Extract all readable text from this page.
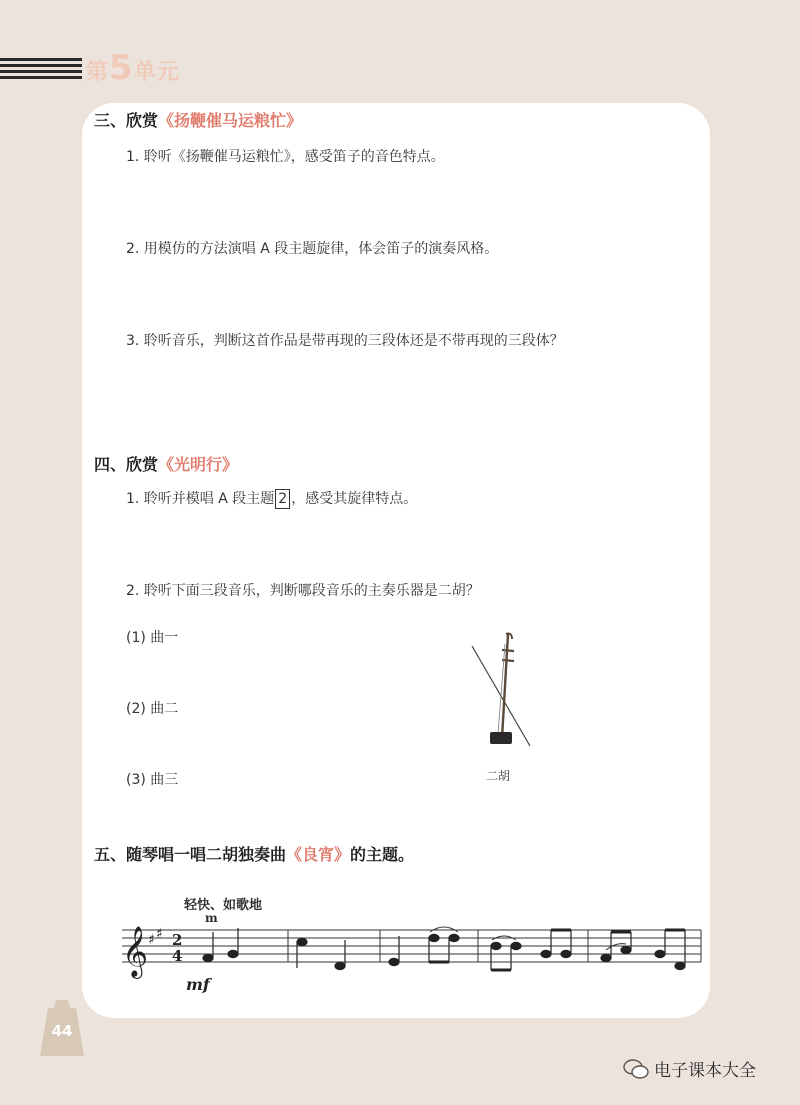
第5单元
三、欣赏《扬鞭催马运粮忙》
1. 聆听《扬鞭催马运粮忙》，感受笛子的音色特点。
2. 用模仿的方法演唱 A 段主题旋律，体会笛子的演奏风格。
3. 聆听音乐，判断这首作品是带再现的三段体还是不带再现的三段体？
四、欣赏《光明行》
1. 聆听并模唱 A 段主题 2 ，感受其旋律特点。
2. 聆听下面三段音乐，判断哪段音乐的主奏乐器是二胡？
(1) 曲一
(2) 曲二
(3) 曲三	二胡
五、随琴唱一唱二胡独奏曲《良宵》的主题。
轻快、如歌地
m
𝄞 ♯ ♯ 2
4
mf
44
电子课本大全
